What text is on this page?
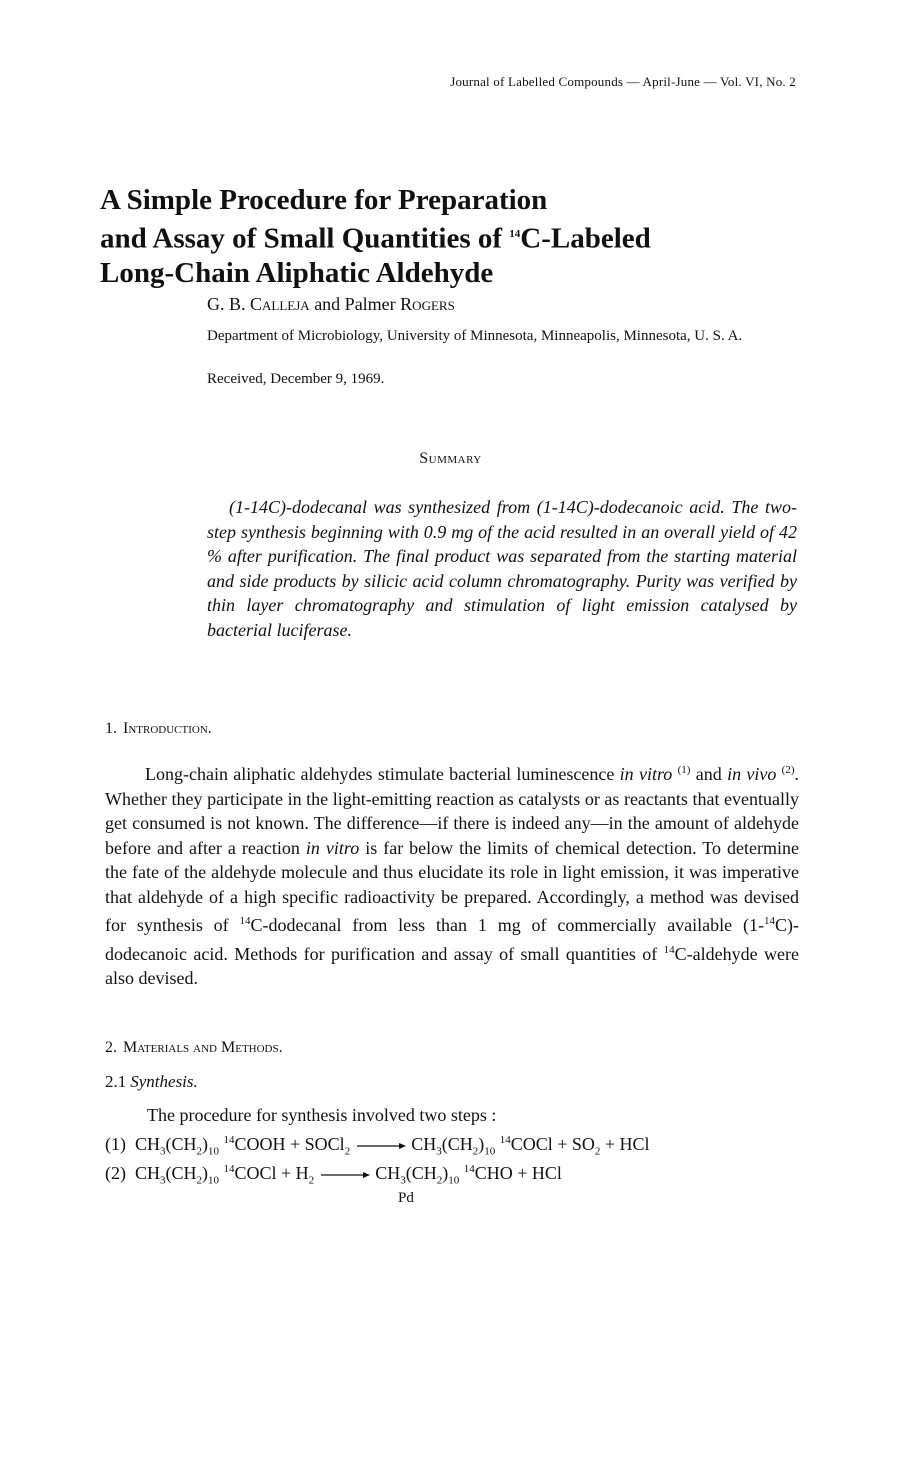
Journal of Labelled Compounds — April-June — Vol. VI, No. 2
A Simple Procedure for Preparation
and Assay of Small Quantities of $^{14}$C-Labeled
Long-Chain Aliphatic Aldehyde
G. B. Calleja and Palmer Rogers
Department of Microbiology, University of Minnesota, Minneapolis, Minnesota, U. S. A.
Received, December 9, 1969.
Summary

(1-14C)-dodecanal was synthesized from (1-14C)-dodecanoic acid. The two-step synthesis beginning with 0.9 mg of the acid resulted in an overall yield of 42 % after purification. The final product was separated from the starting material and side products by silicic acid column chromatography. Purity was verified by thin layer chromatography and stimulation of light emission catalysed by bacterial luciferase.

1. Introduction.

Long-chain aliphatic aldehydes stimulate bacterial luminescence in vitro $^{(1)}$ and in vivo $^{(2)}$. Whether they participate in the light-emitting reaction as catalysts or as reactants that eventually get consumed is not known. The difference—if there is indeed any—in the amount of aldehyde before and after a reaction in vitro is far below the limits of chemical detection. To determine the fate of the aldehyde molecule and thus elucidate its role in light emission, it was imperative that aldehyde of a high specific radioactivity be prepared. Accordingly, a method was devised for synthesis of $^{14}$C-dodecanal from less than 1 mg of commercially available (1-$^{14}$C)-dodecanoic acid. Methods for purification and assay of small quantities of $^{14}$C-aldehyde were also devised.

2. Materials and Methods.
2.1 Synthesis.
The procedure for synthesis involved two steps :
(1) $CH_3(CH_2)_{10}$ $^{14}$COOH + SOCl$_2$ → $CH_3(CH_2)_{10}$ $^{14}$COCl + $SO_2$ + HCl
(2) $CH_3(CH_2)_{10}$ $^{14}$COCl + $H_2 \to CH_3(CH_2)_{10}$ $^{14}$CHO + HCl
Pd
